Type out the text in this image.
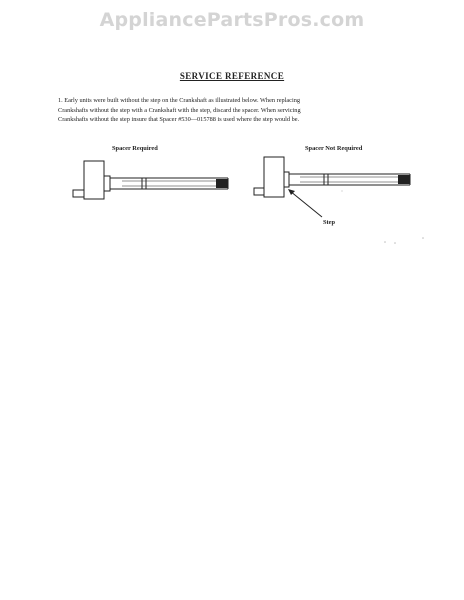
AppliancePartsPros.com
SERVICE REFERENCE
1. Early units were built without the step on the Crankshaft as illustrated below. When replacing
Crankshafts without the step with a Crankshaft with the step, discard the spacer. When servicing
Crankshafts without the step insure that Spacer #530—015788 is used where the step would be.
Spacer Required	Spacer Not Required
Step
